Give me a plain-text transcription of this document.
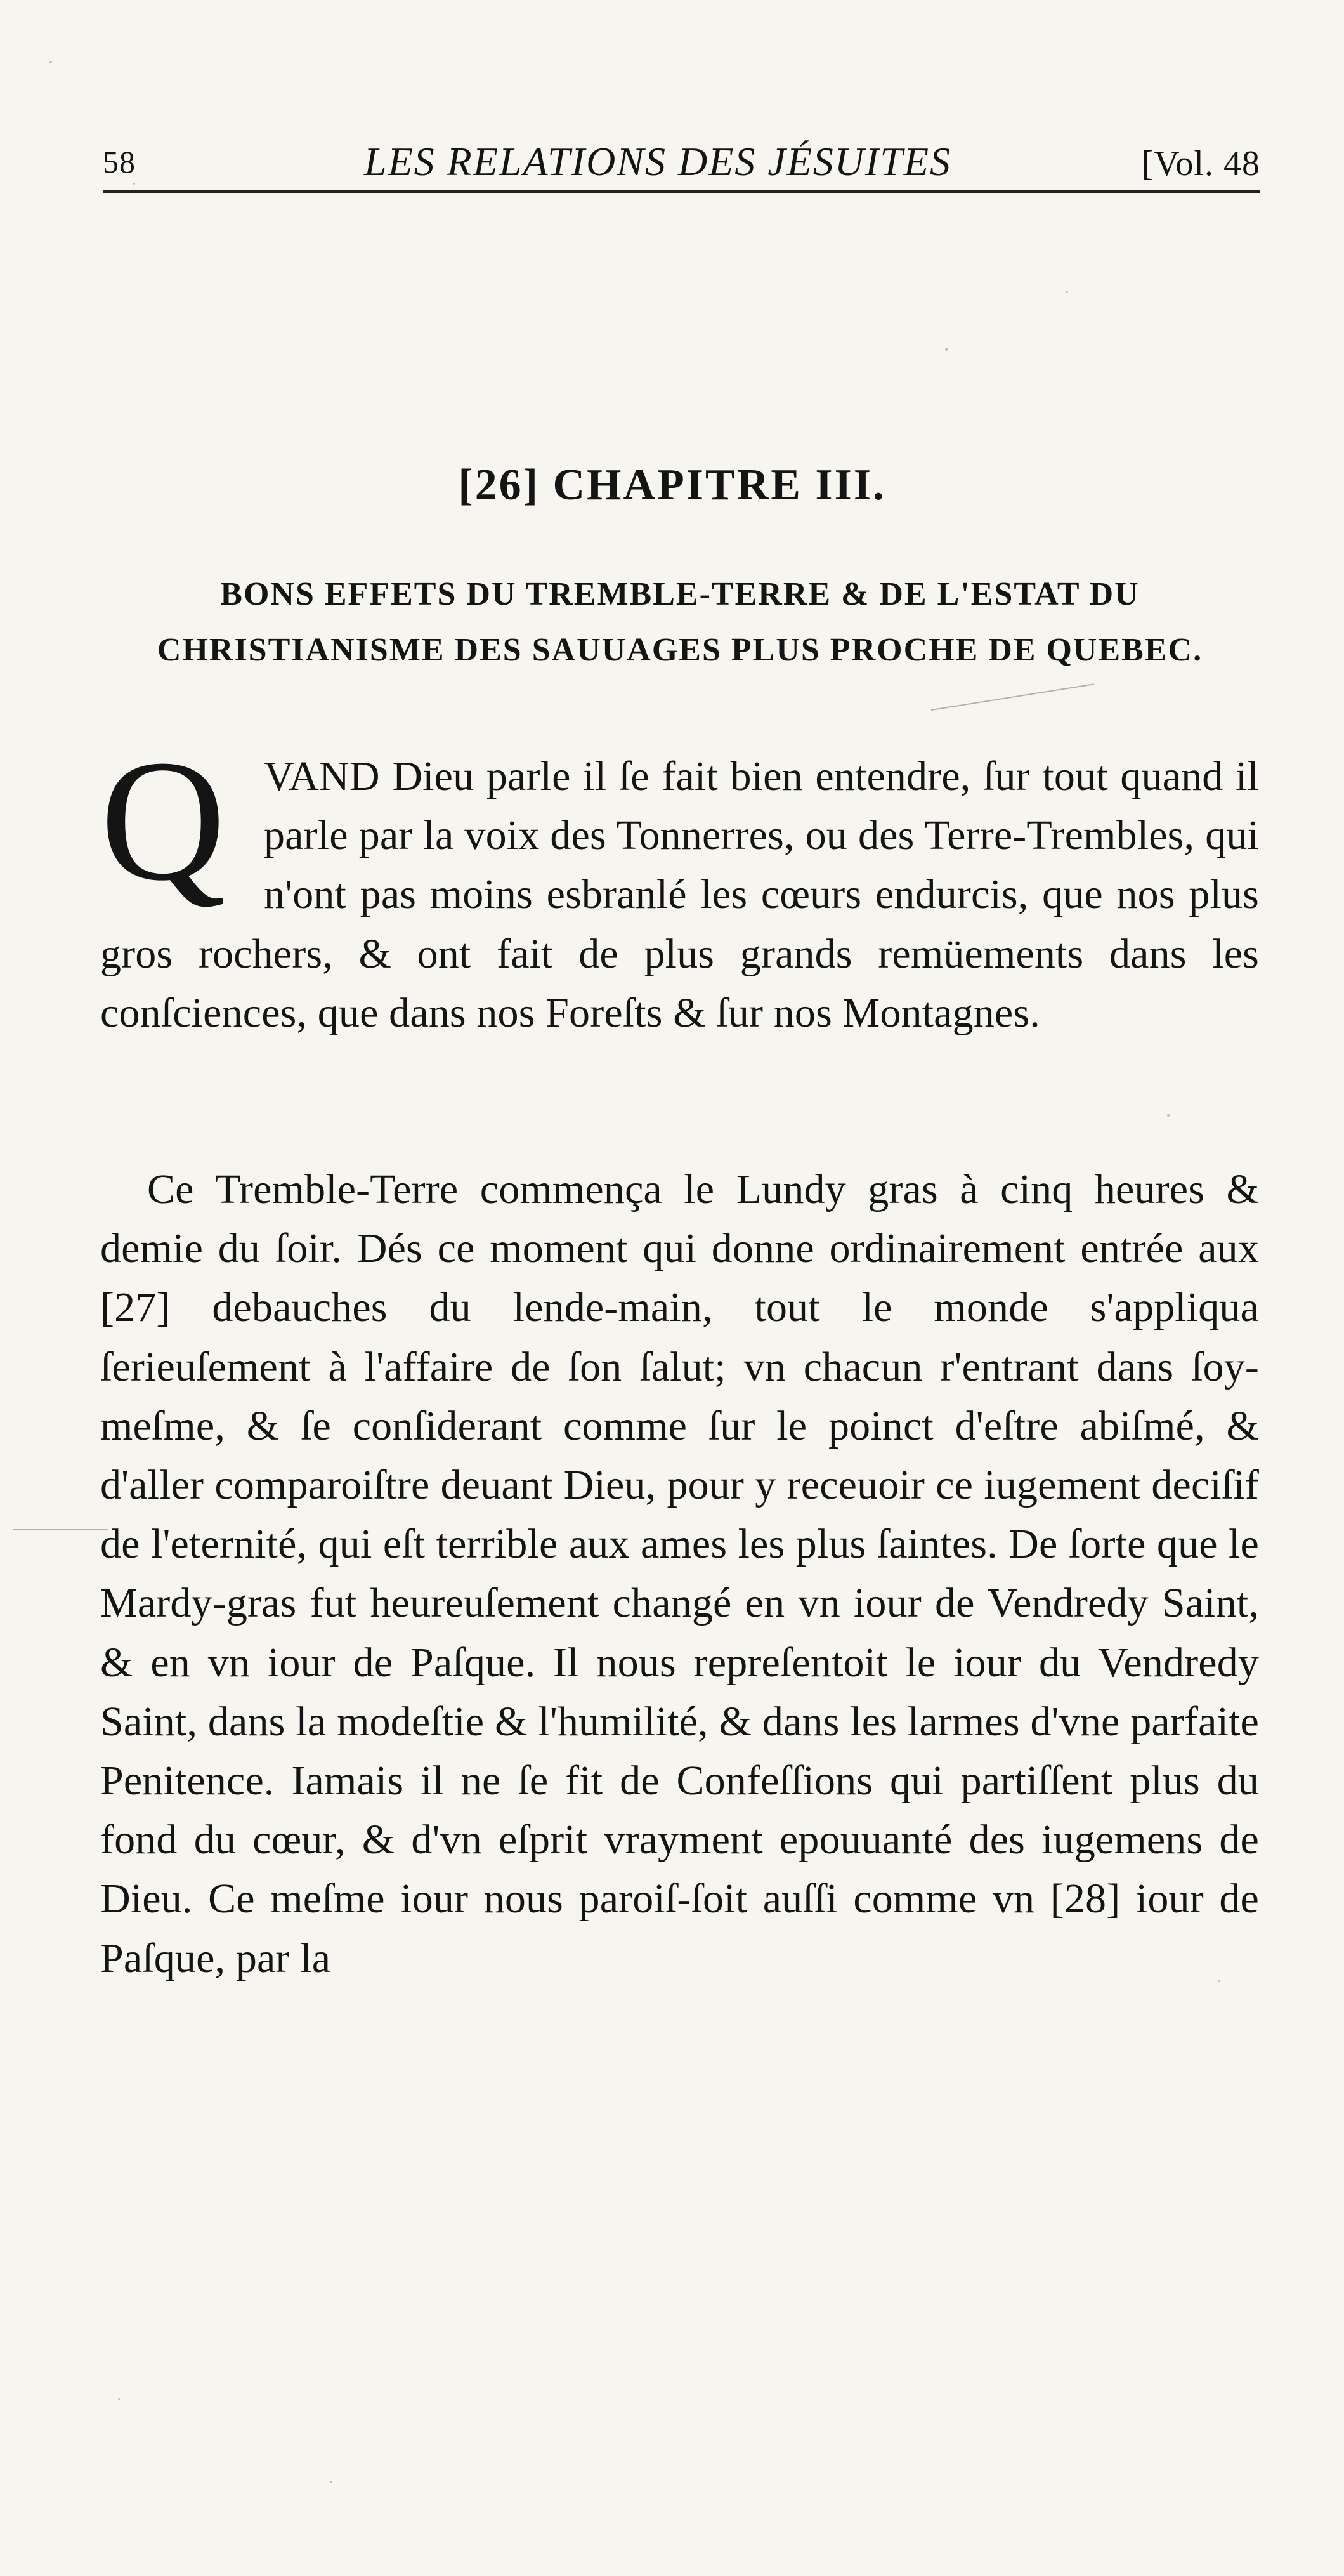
58	LES RELATIONS DES JÉSUITES	[Vol. 48
[26] CHAPITRE III.
BONS EFFETS DU TREMBLE-TERRE & DE L'ESTAT DU CHRISTIANISME DES SAUUAGES PLUS PROCHE DE QUEBEC.

QVAND Dieu parle il ſe fait bien entendre, ſur tout quand il parle par la voix des Tonnerres, ou des Terre-Trembles, qui n'ont pas moins esbranlé les cœurs endurcis, que nos plus gros rochers, & ont fait de plus grands remüements dans les conſciences, que dans nos Foreſts & ſur nos Montagnes.

Ce Tremble-Terre commença le Lundy gras à cinq heures & demie du ſoir. Dés ce moment qui donne ordinairement entrée aux [27] debauches du lende-main, tout le monde s'appliqua ſerieuſement à l'affaire de ſon ſalut; vn chacun r'entrant dans ſoy-meſme, & ſe conſiderant comme ſur le poinct d'eſtre abiſmé, & d'aller comparoiſtre deuant Dieu, pour y receuoir ce iugement deciſif de l'eternité, qui eſt terrible aux ames les plus ſaintes. De ſorte que le Mardy-gras fut heureuſement changé en vn iour de Vendredy Saint, & en vn iour de Paſque. Il nous repreſentoit le iour du Vendredy Saint, dans la modeſtie & l'humilité, & dans les larmes d'vne parfaite Penitence. Iamais il ne ſe fit de Confeſſions qui partiſſent plus du fond du cœur, & d'vn eſprit vrayment epouuanté des iugemens de Dieu. Ce meſme iour nous paroiſ-ſoit auſſi comme vn [28] iour de Paſque, par la
